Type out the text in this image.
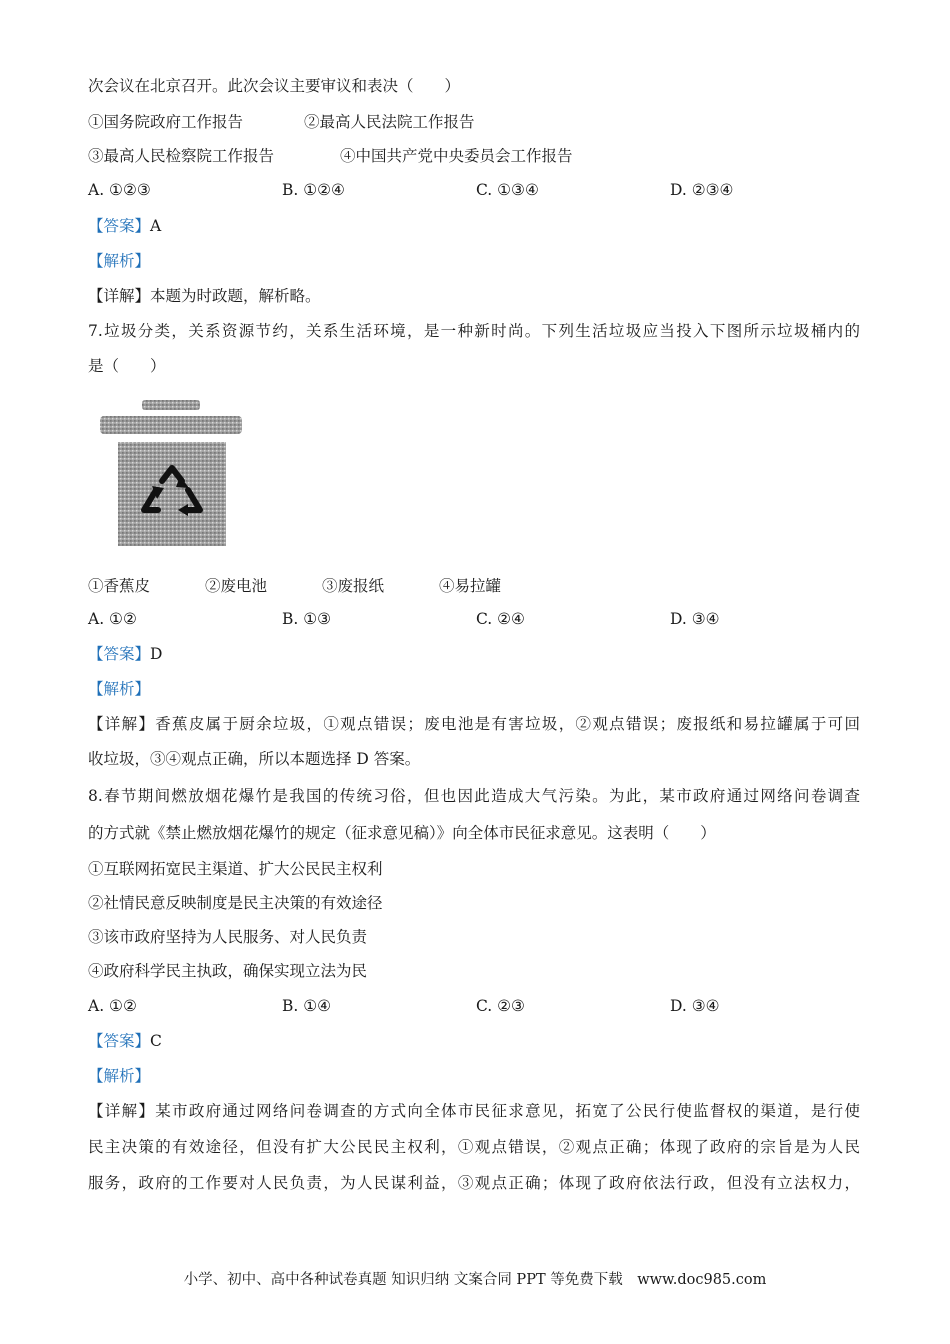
次会议在北京召开。此次会议主要审议和表决（　　）
①国务院政府工作报告	②最高人民法院工作报告
③最高人民检察院工作报告	④中国共产党中央委员会工作报告
A. ①②③	B. ①②④	C. ①③④	D. ②③④
【答案】A
【解析】
【详解】本题为时政题，解析略。
7.垃圾分类，关系资源节约，关系生活环境，是一种新时尚。下列生活垃圾应当投入下图所示垃圾桶内的
是（　　）
①香蕉皮	②废电池	③废报纸	④易拉罐
A. ①②	B. ①③	C. ②④	D. ③④
【答案】D
【解析】
【详解】香蕉皮属于厨余垃圾，①观点错误；废电池是有害垃圾，②观点错误；废报纸和易拉罐属于可回
收垃圾，③④观点正确，所以本题选择 D 答案。
8.春节期间燃放烟花爆竹是我国的传统习俗，但也因此造成大气污染。为此，某市政府通过网络问卷调查
的方式就《禁止燃放烟花爆竹的规定（征求意见稿）》向全体市民征求意见。这表明（　　）
①互联网拓宽民主渠道、扩大公民民主权利
②社情民意反映制度是民主决策的有效途径
③该市政府坚持为人民服务、对人民负责
④政府科学民主执政，确保实现立法为民
A. ①②	B. ①④	C. ②③	D. ③④
【答案】C
【解析】
【详解】某市政府通过网络问卷调查的方式向全体市民征求意见，拓宽了公民行使监督权的渠道，是行使
民主决策的有效途径，但没有扩大公民民主权利，①观点错误，②观点正确；体现了政府的宗旨是为人民
服务，政府的工作要对人民负责，为人民谋利益，③观点正确；体现了政府依法行政，但没有立法权力，
小学、初中、高中各种试卷真题 知识归纳 文案合同 PPT 等免费下载　www.doc985.com
